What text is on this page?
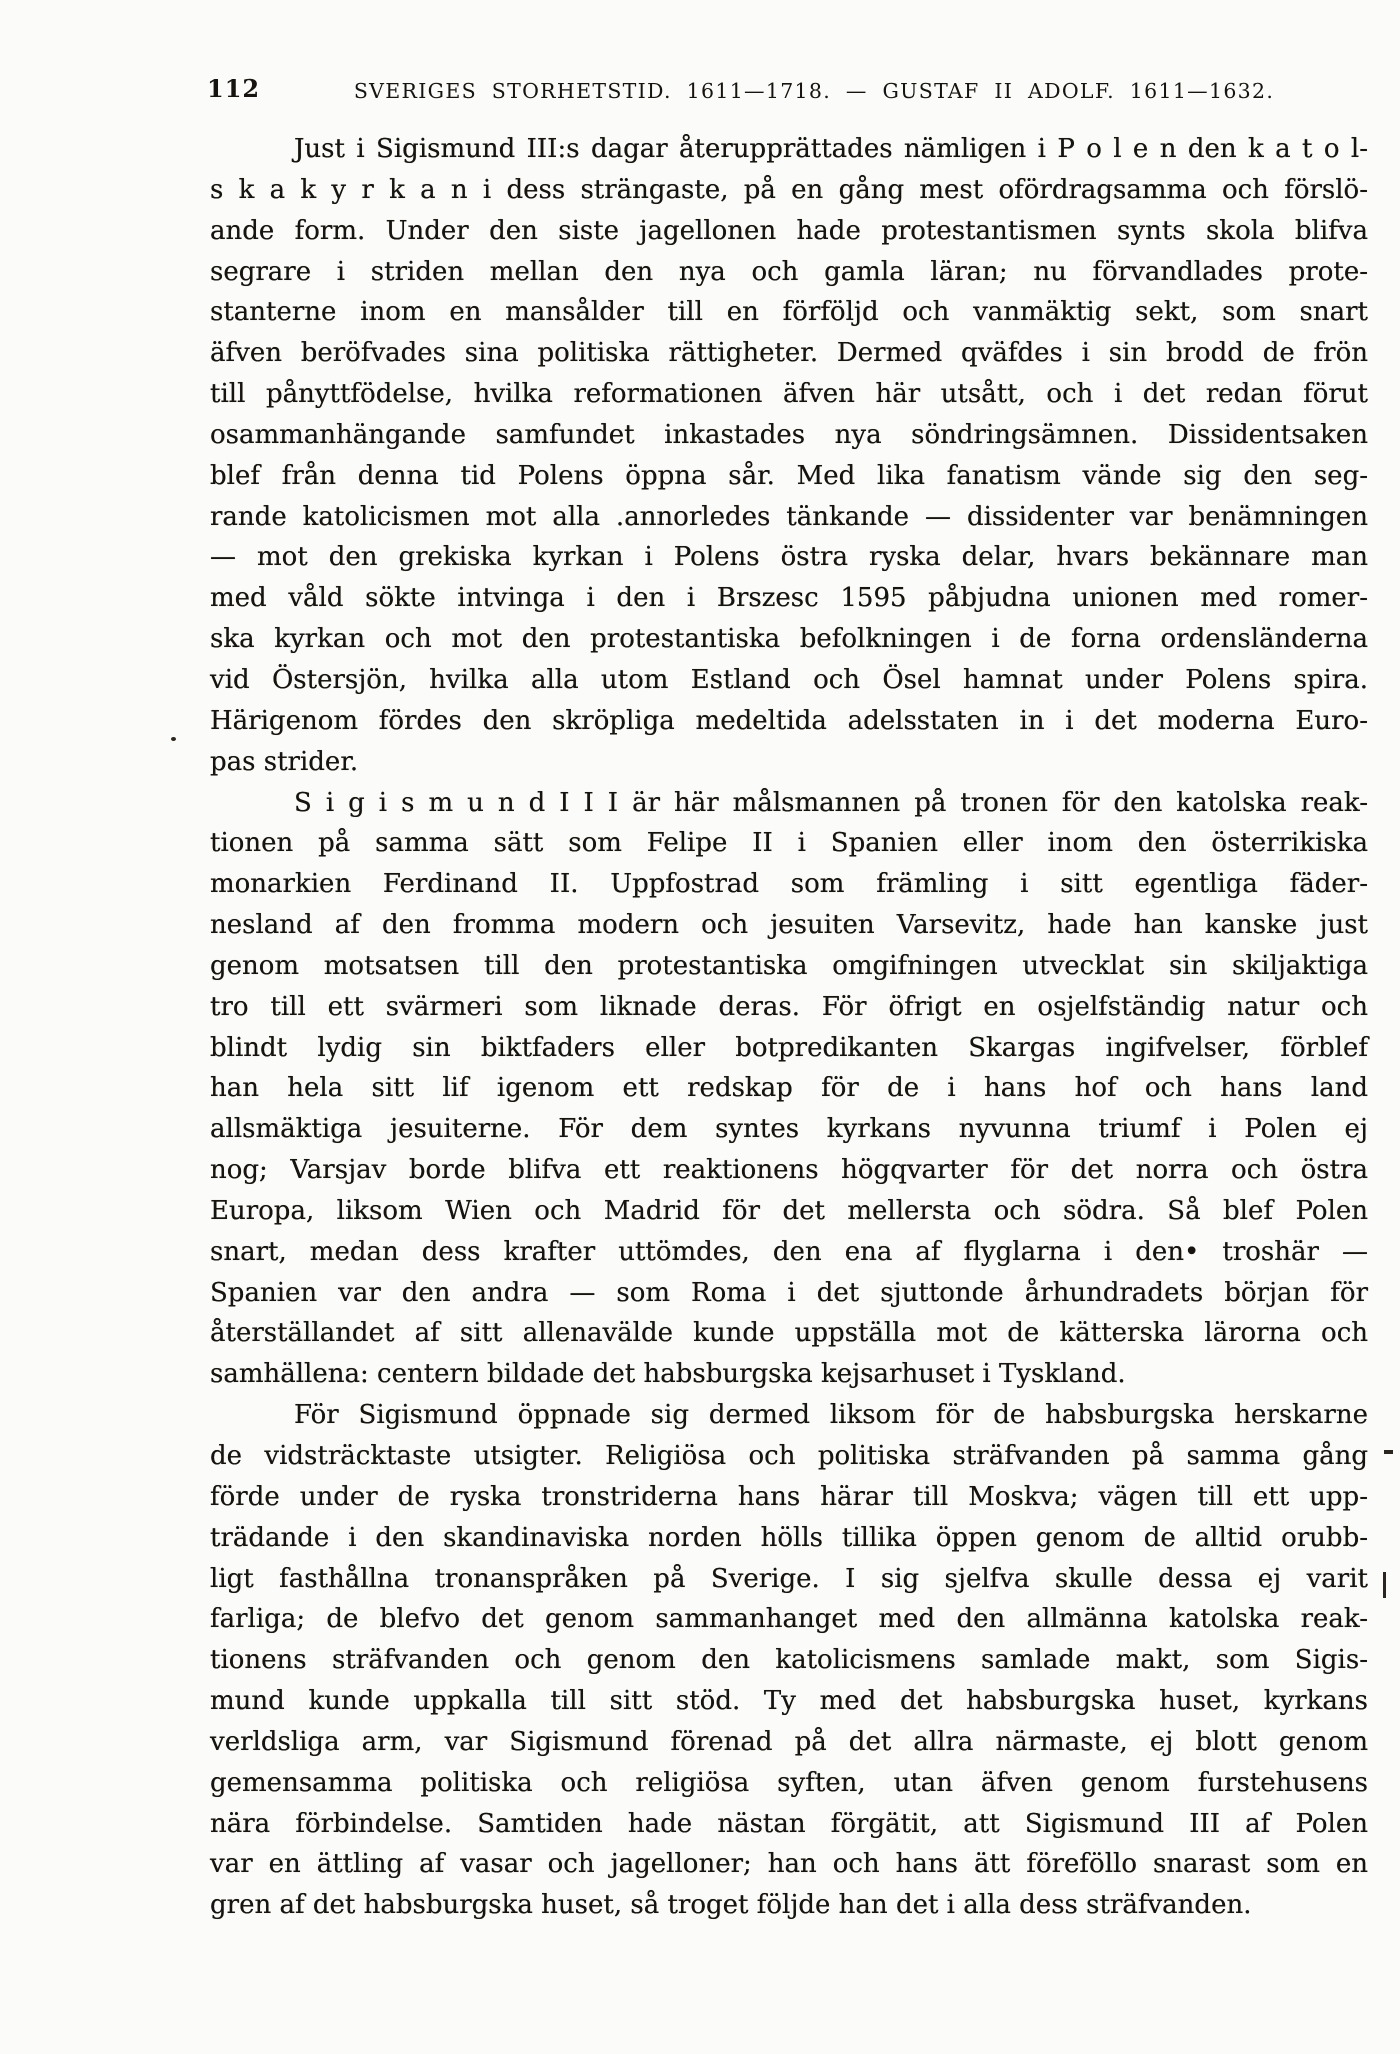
112	SVERIGES STORHETSTID. 1611—1718. — GUSTAF II ADOLF. 1611—1632.
Just i Sigismund III:s dagar återupprättades nämligen i P o l e n den k a t o l-
s k a k y r k a n i dess strängaste, på en gång mest ofördragsamma och förslö-
ande form. Under den siste jagellonen hade protestantismen synts skola blifva
segrare i striden mellan den nya och gamla läran; nu förvandlades prote-
stanterne inom en mansålder till en förföljd och vanmäktig sekt, som snart
äfven beröfvades sina politiska rättigheter. Dermed qväfdes i sin brodd de frön
till pånyttfödelse, hvilka reformationen äfven här utsått, och i det redan förut
osammanhängande samfundet inkastades nya söndringsämnen. Dissidentsaken
blef från denna tid Polens öppna sår. Med lika fanatism vände sig den seg-
rande katolicismen mot alla .annorledes tänkande — dissidenter var benämningen
— mot den grekiska kyrkan i Polens östra ryska delar, hvars bekännare man
med våld sökte intvinga i den i Brszesc 1595 påbjudna unionen med romer-
ska kyrkan och mot den protestantiska befolkningen i de forna ordensländerna
vid Östersjön, hvilka alla utom Estland och Ösel hamnat under Polens spira.
Härigenom fördes den skröpliga medeltida adelsstaten in i det moderna Euro-
pas strider.
S i g i s m u n d I I I är här målsmannen på tronen för den katolska reak-
tionen på samma sätt som Felipe II i Spanien eller inom den österrikiska
monarkien Ferdinand II. Uppfostrad som främling i sitt egentliga fäder-
nesland af den fromma modern och jesuiten Varsevitz, hade han kanske just
genom motsatsen till den protestantiska omgifningen utvecklat sin skiljaktiga
tro till ett svärmeri som liknade deras. För öfrigt en osjelfständig natur och
blindt lydig sin biktfaders eller botpredikanten Skargas ingifvelser, förblef
han hela sitt lif igenom ett redskap för de i hans hof och hans land
allsmäktiga jesuiterne. För dem syntes kyrkans nyvunna triumf i Polen ej
nog; Varsjav borde blifva ett reaktionens högqvarter för det norra och östra
Europa, liksom Wien och Madrid för det mellersta och södra. Så blef Polen
snart, medan dess krafter uttömdes, den ena af flyglarna i den• troshär —
Spanien var den andra — som Roma i det sjuttonde århundradets början för
återställandet af sitt allenavälde kunde uppställa mot de kätterska lärorna och
samhällena: centern bildade det habsburgska kejsarhuset i Tyskland.
För Sigismund öppnade sig dermed liksom för de habsburgska herskarne
de vidsträcktaste utsigter. Religiösa och politiska sträfvanden på samma gång
förde under de ryska tronstriderna hans härar till Moskva; vägen till ett upp-
trädande i den skandinaviska norden hölls tillika öppen genom de alltid orubb-
ligt fasthållna tronanspråken på Sverige. I sig sjelfva skulle dessa ej varit
farliga; de blefvo det genom sammanhanget med den allmänna katolska reak-
tionens sträfvanden och genom den katolicismens samlade makt, som Sigis-
mund kunde uppkalla till sitt stöd. Ty med det habsburgska huset, kyrkans
verldsliga arm, var Sigismund förenad på det allra närmaste, ej blott genom
gemensamma politiska och religiösa syften, utan äfven genom furstehusens
nära förbindelse. Samtiden hade nästan förgätit, att Sigismund III af Polen
var en ättling af vasar och jagelloner; han och hans ätt föreföllo snarast som en
gren af det habsburgska huset, så troget följde han det i alla dess sträfvanden.
